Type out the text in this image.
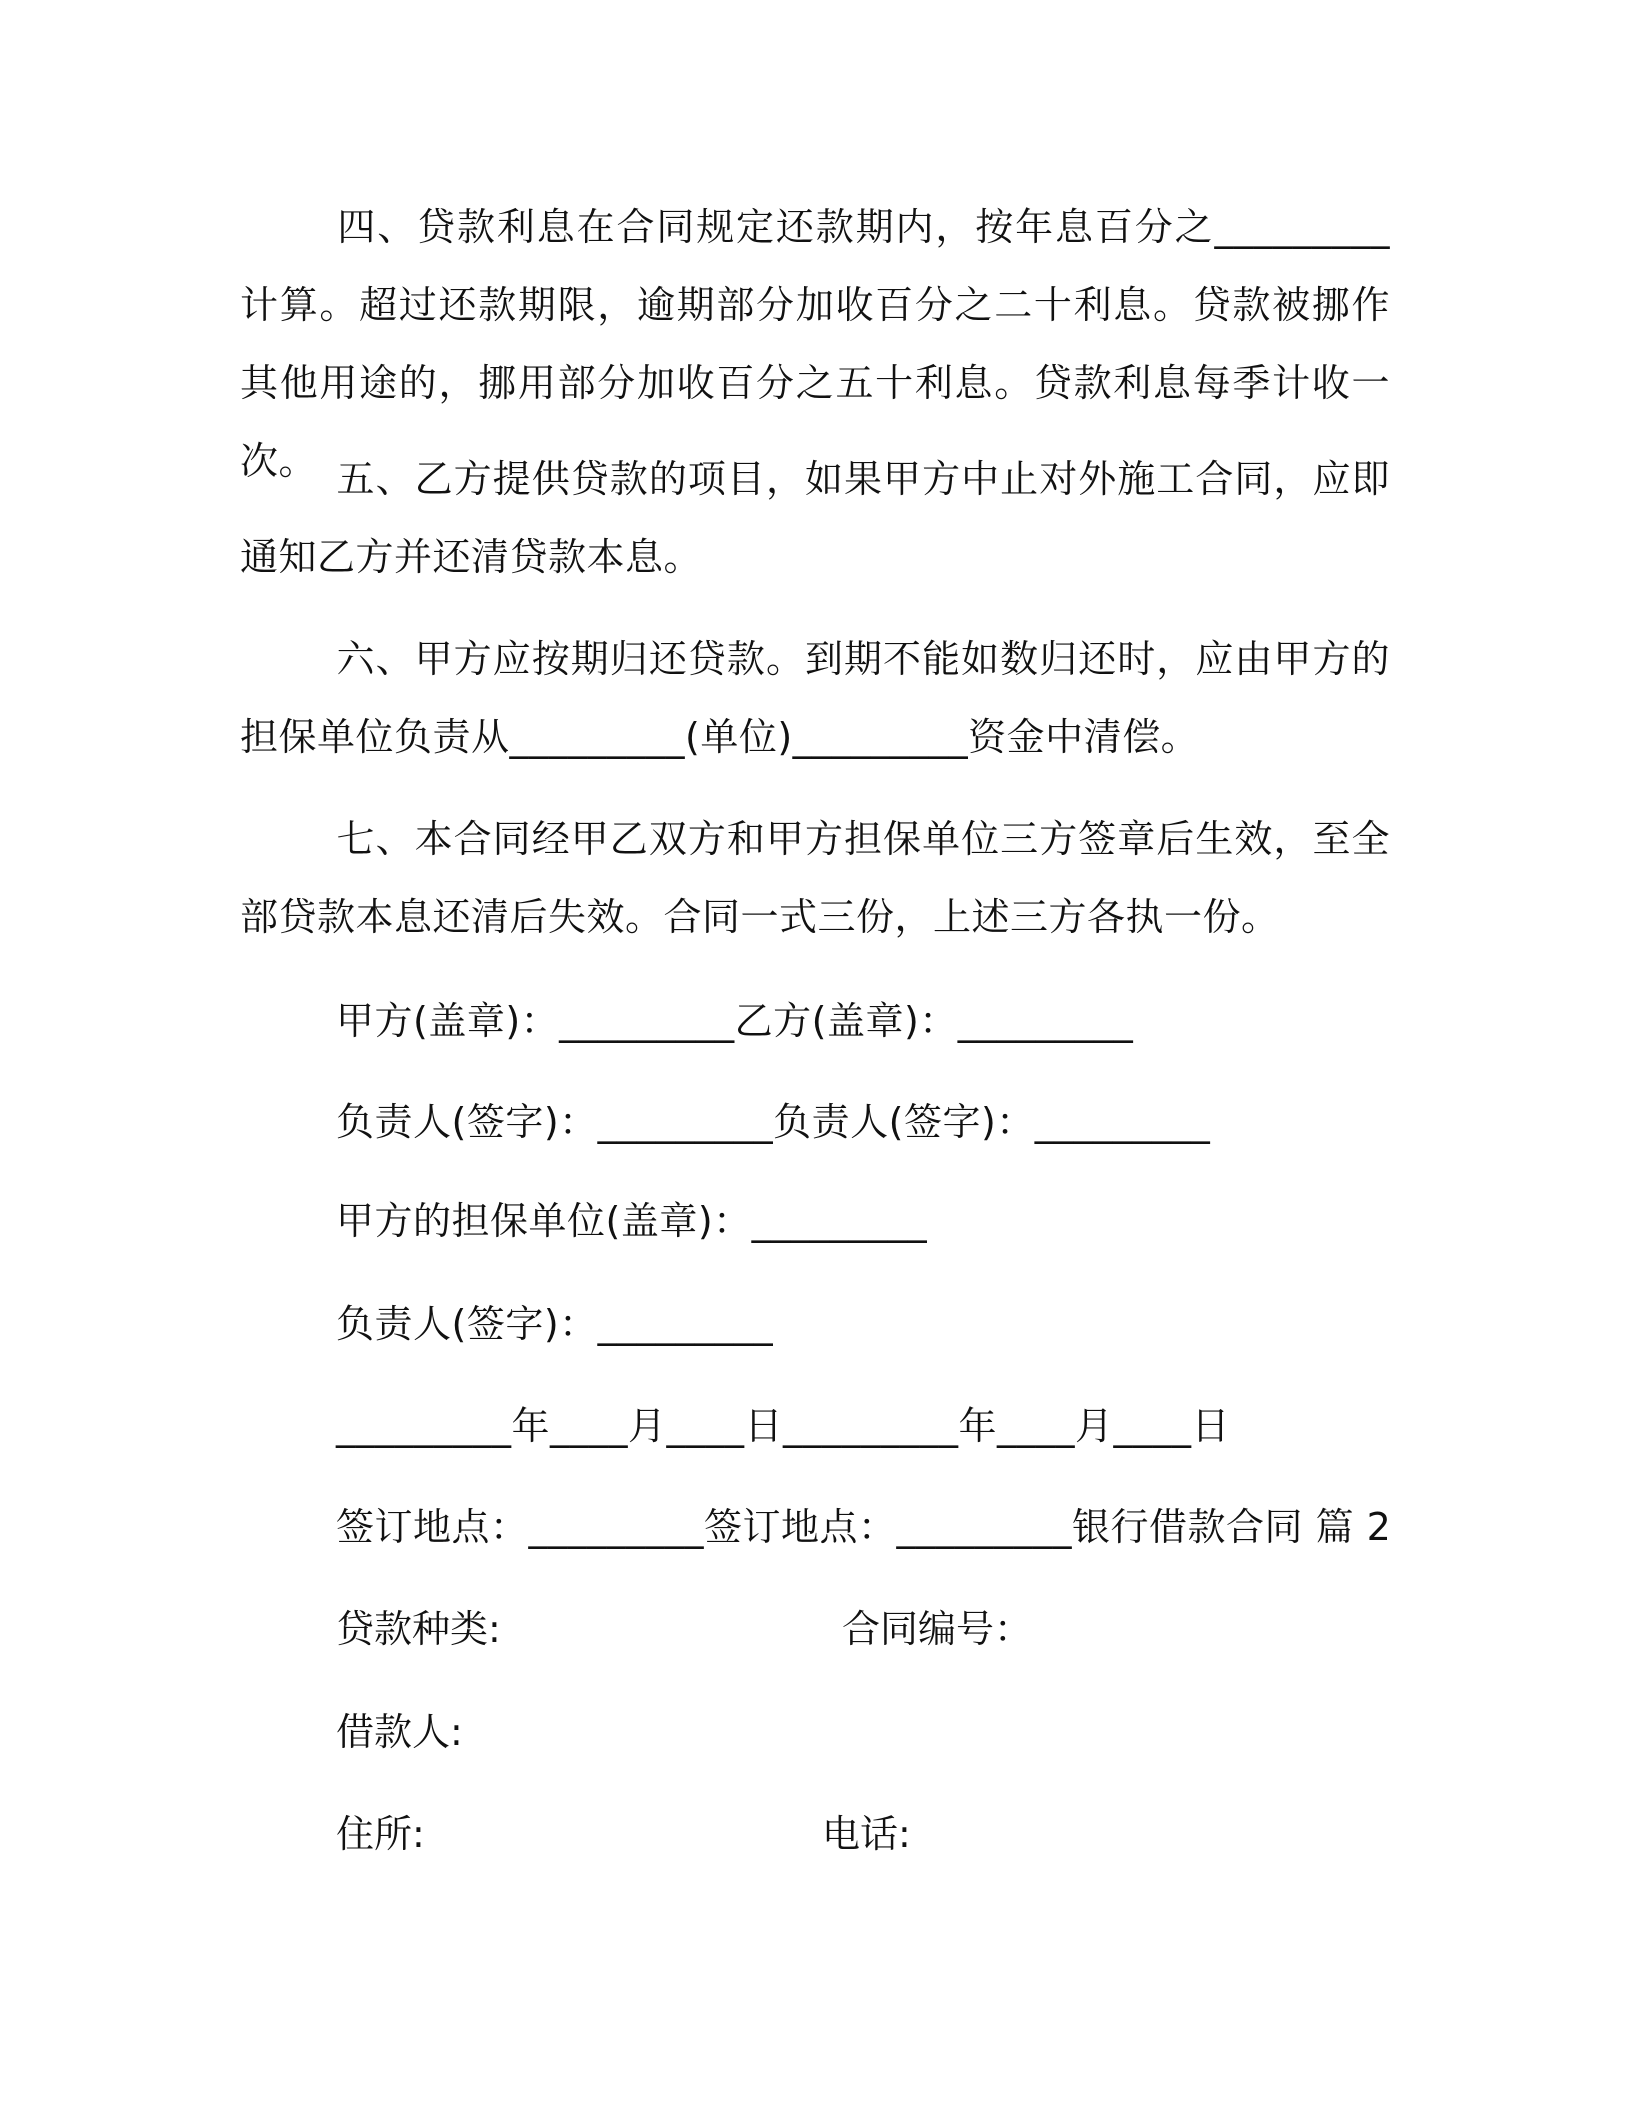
四、贷款利息在合同规定还款期内，按年息百分之_________计算。超过还款期限，逾期部分加收百分之二十利息。贷款被挪作其他用途的，挪用部分加收百分之五十利息。贷款利息每季计收一次。 五、乙方提供贷款的项目，如果甲方中止对外施工合同，应即通知乙方并还清贷款本息。

六、甲方应按期归还贷款。到期不能如数归还时，应由甲方的担保单位负责从_________(单位)_________资金中清偿。

七、本合同经甲乙双方和甲方担保单位三方签章后生效，至全部贷款本息还清后失效。合同一式三份，上述三方各执一份。

甲方(盖章)：_________乙方(盖章)：_________

负责人(签字)：_________负责人(签字)：_________

甲方的担保单位(盖章)：_________

负责人(签字)：_________

_________年____月____日_________年____月____日

签订地点：_________签订地点：_________银行借款合同 篇 2

贷款种类:	合同编号：

借款人:

住所:	电话:
